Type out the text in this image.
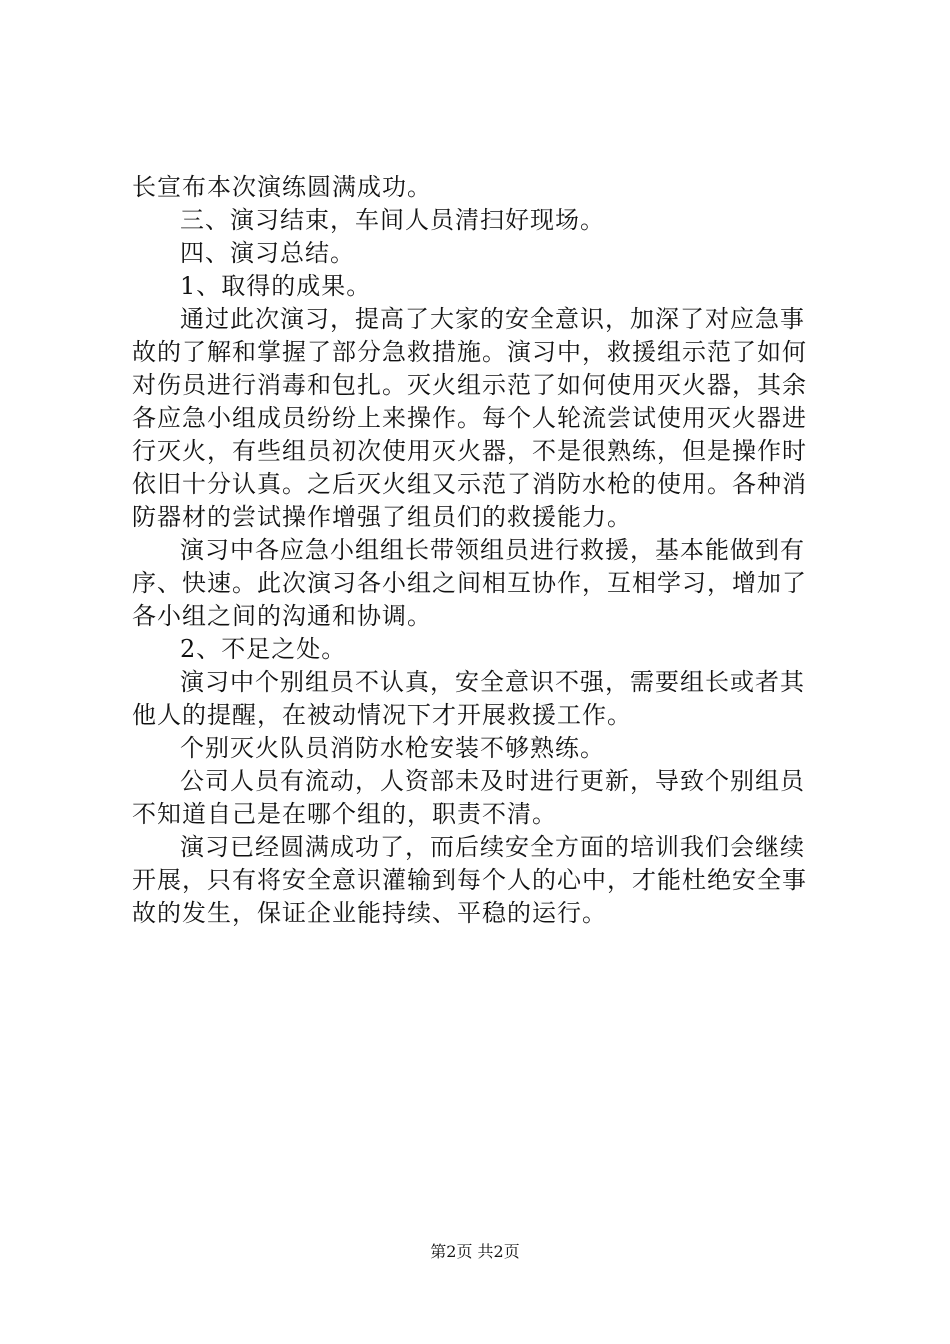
长宣布本次演练圆满成功。
三、演习结束，车间人员清扫好现场。
四、演习总结。
1、取得的成果。
通过此次演习，提高了大家的安全意识，加深了对应急事
故的了解和掌握了部分急救措施。演习中，救援组示范了如何
对伤员进行消毒和包扎。灭火组示范了如何使用灭火器，其余
各应急小组成员纷纷上来操作。每个人轮流尝试使用灭火器进
行灭火，有些组员初次使用灭火器，不是很熟练，但是操作时
依旧十分认真。之后灭火组又示范了消防水枪的使用。各种消
防器材的尝试操作增强了组员们的救援能力。
演习中各应急小组组长带领组员进行救援，基本能做到有
序、快速。此次演习各小组之间相互协作，互相学习，增加了
各小组之间的沟通和协调。
2、不足之处。
演习中个别组员不认真，安全意识不强，需要组长或者其
他人的提醒，在被动情况下才开展救援工作。
个别灭火队员消防水枪安装不够熟练。
公司人员有流动，人资部未及时进行更新，导致个别组员
不知道自己是在哪个组的，职责不清。
演习已经圆满成功了，而后续安全方面的培训我们会继续
开展，只有将安全意识灌输到每个人的心中，才能杜绝安全事
故的发生，保证企业能持续、平稳的运行。
第2页 共2页
